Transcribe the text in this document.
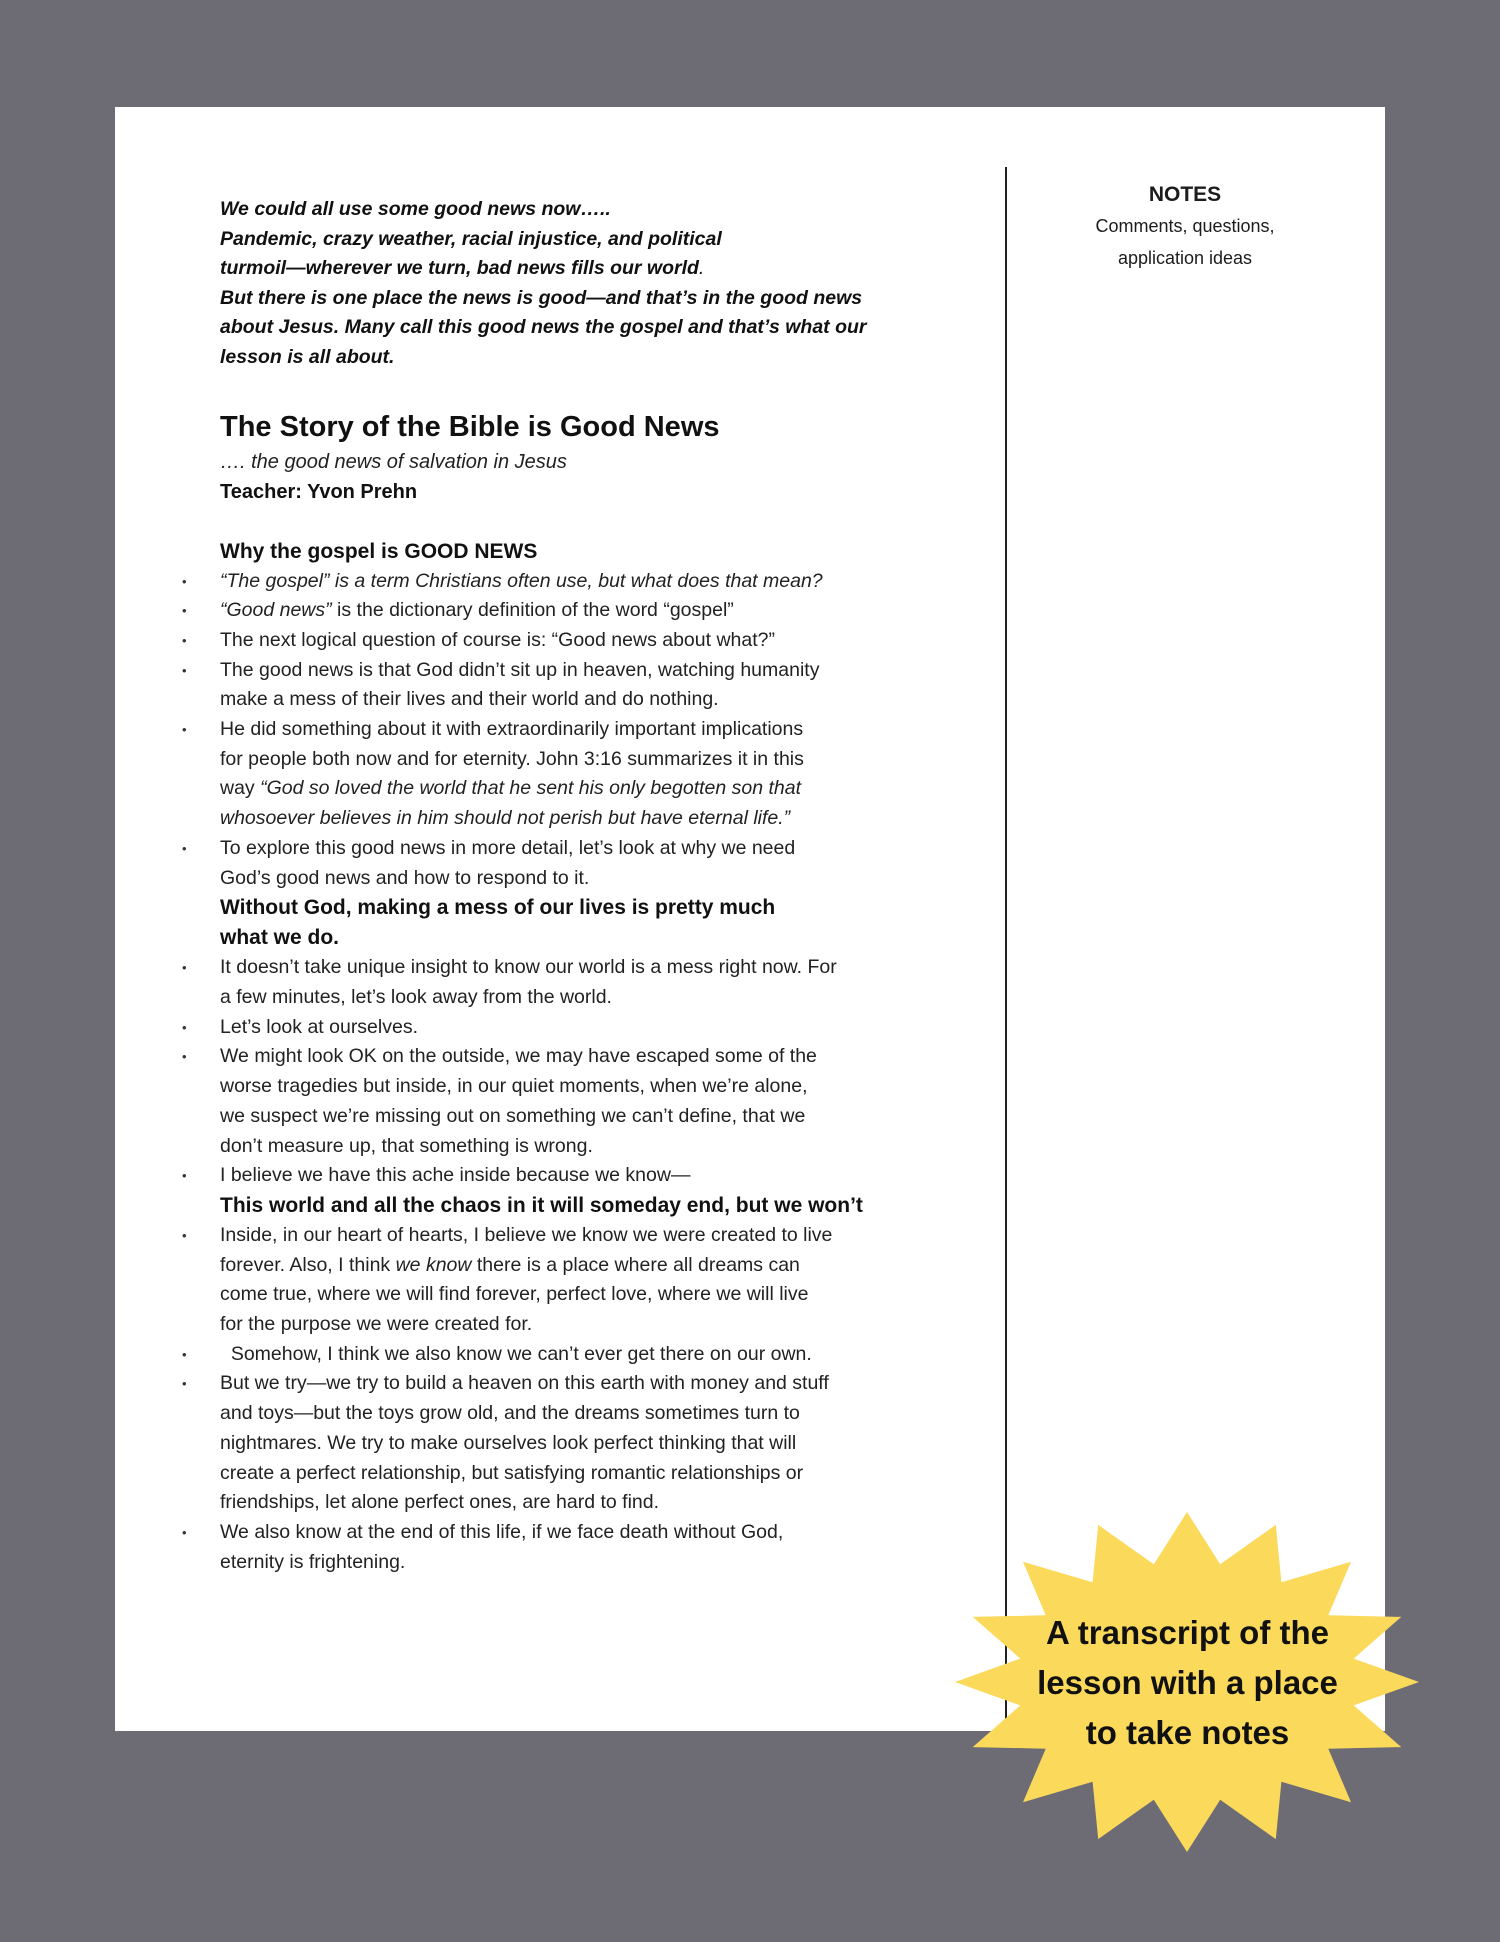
NOTES

Comments, questions,

application ideas

We could all use some good news now…..

Pandemic, crazy weather, racial injustice, and political

turmoil—wherever we turn, bad news fills our world.

But there is one place the news is good—and that’s in the good news

about Jesus. Many call this good news the gospel and that’s what our

lesson is all about.

The Story of the Bible is Good News

…. the good news of salvation in Jesus

Teacher: Yvon Prehn

Why the gospel is GOOD NEWS

• “The gospel” is a term Christians often use, but what does that mean?
• “Good news” is the dictionary definition of the word “gospel”
• The next logical question of course is: “Good news about what?”
• The good news is that God didn’t sit up in heaven, watching humanity
make a mess of their lives and their world and do nothing.
• He did something about it with extraordinarily important implications
for people both now and for eternity. John 3:16 summarizes it in this
way “God so loved the world that he sent his only begotten son that
whosoever believes in him should not perish but have eternal life.”
• To explore this good news in more detail, let’s look at why we need
God’s good news and how to respond to it.

Without God, making a mess of our lives is pretty much

what we do.

• It doesn’t take unique insight to know our world is a mess right now. For
a few minutes, let’s look away from the world.
• Let’s look at ourselves.
• We might look OK on the outside, we may have escaped some of the
worse tragedies but inside, in our quiet moments, when we’re alone,
we suspect we’re missing out on something we can’t define, that we
don’t measure up, that something is wrong.
• I believe we have this ache inside because we know—

This world and all the chaos in it will someday end, but we won’t

• Inside, in our heart of hearts, I believe we know we were created to live
forever. Also, I think we know there is a place where all dreams can
come true, where we will find forever, perfect love, where we will live
for the purpose we were created for.
•   Somehow, I think we also know we can’t ever get there on our own.
• But we try—we try to build a heaven on this earth with money and stuff
and toys—but the toys grow old, and the dreams sometimes turn to
nightmares. We try to make ourselves look perfect thinking that will
create a perfect relationship, but satisfying romantic relationships or
friendships, let alone perfect ones, are hard to find.
• We also know at the end of this life, if we face death without God,
eternity is frightening.
A transcript of the
lesson with a place
to take notes
